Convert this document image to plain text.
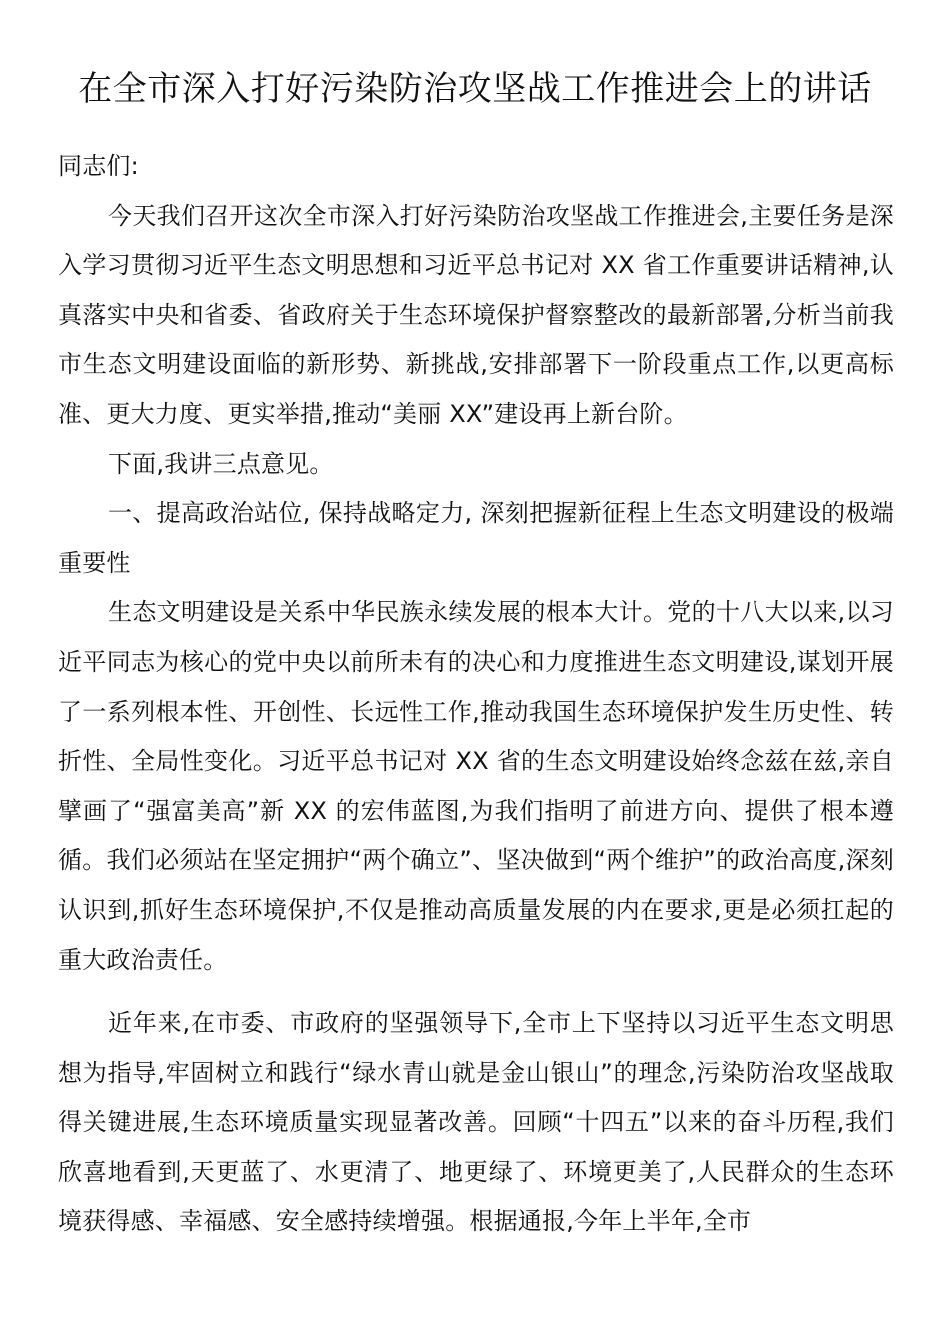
在全市深入打好污染防治攻坚战工作推进会上的讲话

同志们:

今天我们召开这次全市深入打好污染防治攻坚战工作推进会,主要任务是深入学习贯彻习近平生态文明思想和习近平总书记对 XX 省工作重要讲话精神,认真落实中央和省委、省政府关于生态环境保护督察整改的最新部署,分析当前我市生态文明建设面临的新形势、新挑战,安排部署下一阶段重点工作,以更高标准、更大力度、更实举措,推动“美丽 XX”建设再上新台阶。

下面,我讲三点意见。

一、提高政治站位, 保持战略定力, 深刻把握新征程上生态文明建设的极端重要性

生态文明建设是关系中华民族永续发展的根本大计。党的十八大以来,以习近平同志为核心的党中央以前所未有的决心和力度推进生态文明建设,谋划开展了一系列根本性、开创性、长远性工作,推动我国生态环境保护发生历史性、转折性、全局性变化。习近平总书记对 XX 省的生态文明建设始终念兹在兹,亲自擘画了“强富美高”新 XX 的宏伟蓝图,为我们指明了前进方向、提供了根本遵循。我们必须站在坚定拥护“两个确立”、坚决做到“两个维护”的政治高度,深刻认识到,抓好生态环境保护,不仅是推动高质量发展的内在要求,更是必须扛起的重大政治责任。

近年来,在市委、市政府的坚强领导下,全市上下坚持以习近平生态文明思想为指导,牢固树立和践行“绿水青山就是金山银山”的理念,污染防治攻坚战取得关键进展,生态环境质量实现显著改善。回顾“十四五”以来的奋斗历程,我们欣喜地看到,天更蓝了、水更清了、地更绿了、环境更美了,人民群众的生态环境获得感、幸福感、安全感持续增强。根据通报,今年上半年,全市
